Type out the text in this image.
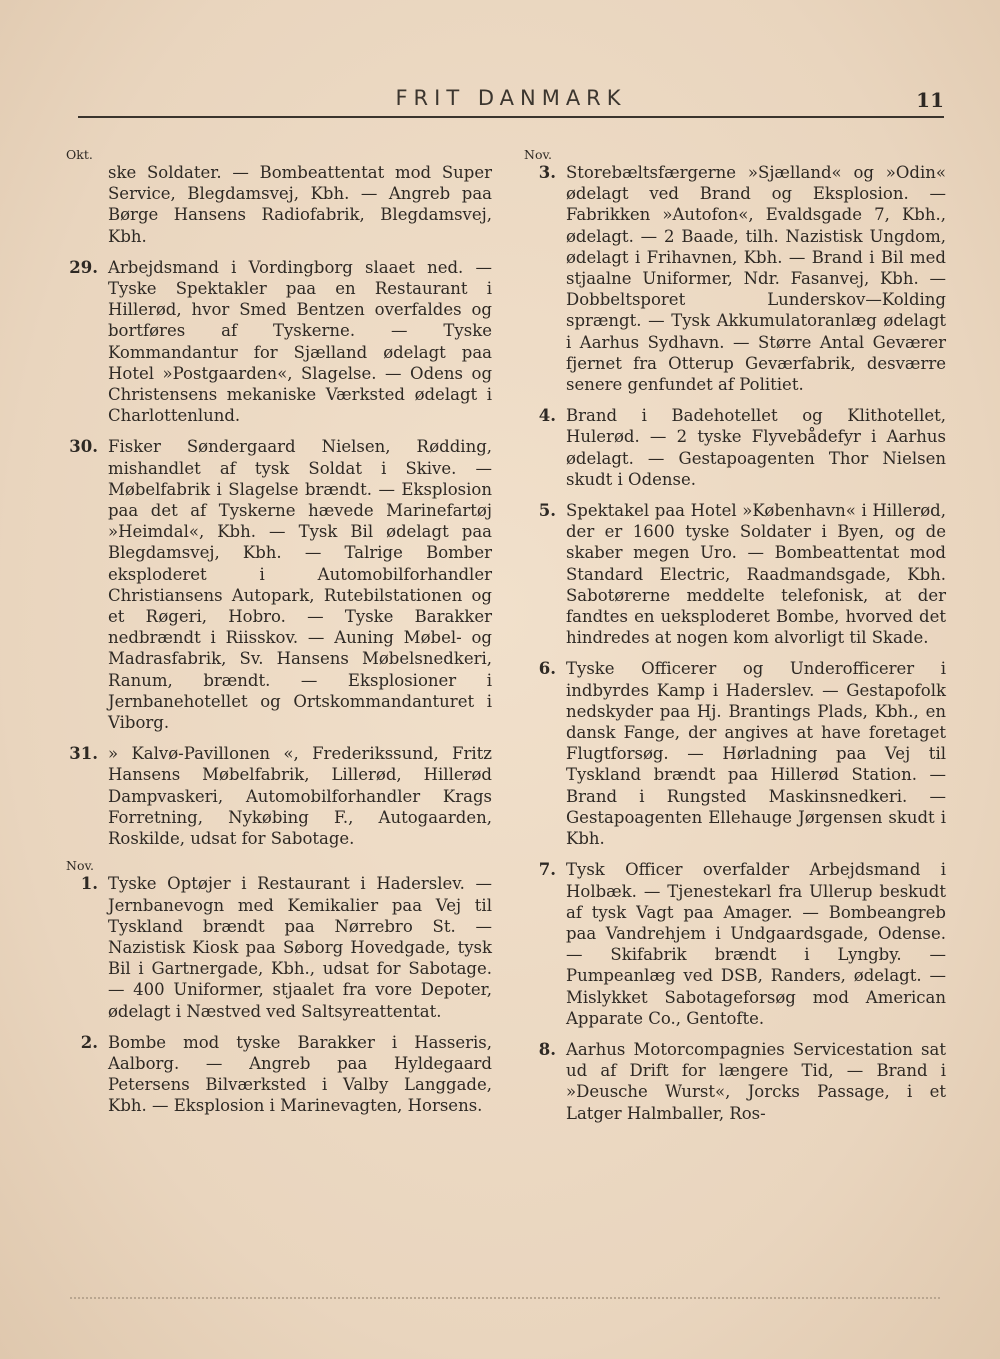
FRIT DANMARK	11
Okt.
ske Soldater. — Bombeattentat mod Super Service, Blegdamsvej, Kbh. — Angreb paa Børge Hansens Radiofabrik, Blegdamsvej, Kbh.
29. Arbejdsmand i Vordingborg slaaet ned. — Tyske Spektakler paa en Restaurant i Hillerød, hvor Smed Bentzen overfaldes og bortføres af Tyskerne. — Tyske Kommandantur for Sjælland ødelagt paa Hotel »Postgaarden«, Slagelse. — Odens og Christensens mekaniske Værksted ødelagt i Charlottenlund.
30. Fisker Søndergaard Nielsen, Rødding, mishandlet af tysk Soldat i Skive. — Møbelfabrik i Slagelse brændt. — Eksplosion paa det af Tyskerne hævede Marinefartøj »Heimdal«, Kbh. — Tysk Bil ødelagt paa Blegdamsvej, Kbh. — Talrige Bomber eksploderet i Automobilforhandler Christiansens Autopark, Rutebilstationen og et Røgeri, Hobro. — Tyske Barakker nedbrændt i Riisskov. — Auning Møbel- og Madrasfabrik, Sv. Hansens Møbelsnedkeri, Ranum, brændt. — Eksplosioner i Jernbanehotellet og Ortskommandanturet i Viborg.
31. » Kalvø-Pavillonen «, Frederikssund, Fritz Hansens Møbelfabrik, Lillerød, Hillerød Dampvaskeri, Automobilforhandler Krags Forretning, Nykøbing F., Autogaarden, Roskilde, udsat for Sabotage.
Nov.
1. Tyske Optøjer i Restaurant i Haderslev. — Jernbanevogn med Kemikalier paa Vej til Tyskland brændt paa Nørrebro St. — Nazistisk Kiosk paa Søborg Hovedgade, tysk Bil i Gartnergade, Kbh., udsat for Sabotage. — 400 Uniformer, stjaalet fra vore Depoter, ødelagt i Næstved ved Saltsyreattentat.
2. Bombe mod tyske Barakker i Hasseris, Aalborg. — Angreb paa Hyldegaard Petersens Bilværksted i Valby Langgade, Kbh. — Eksplosion i Marinevagten, Horsens.
Nov.
3. Storebæltsfærgerne »Sjælland« og »Odin« ødelagt ved Brand og Eksplosion. — Fabrikken »Autofon«, Evaldsgade 7, Kbh., ødelagt. — 2 Baade, tilh. Nazistisk Ungdom, ødelagt i Frihavnen, Kbh. — Brand i Bil med stjaalne Uniformer, Ndr. Fasanvej, Kbh. — Dobbeltsporet Lunderskov—Kolding sprængt. — Tysk Akkumulatoranlæg ødelagt i Aarhus Sydhavn. — Større Antal Geværer fjernet fra Otterup Geværfabrik, desværre senere genfundet af Politiet.
4. Brand i Badehotellet og Klithotellet, Hulerød. — 2 tyske Flyvebådefyr i Aarhus ødelagt. — Gestapoagenten Thor Nielsen skudt i Odense.
5. Spektakel paa Hotel »København« i Hillerød, der er 1600 tyske Soldater i Byen, og de skaber megen Uro. — Bombeattentat mod Standard Electric, Raadmandsgade, Kbh. Sabotørerne meddelte telefonisk, at der fandtes en ueksploderet Bombe, hvorved det hindredes at nogen kom alvorligt til Skade.
6. Tyske Officerer og Underofficerer i indbyrdes Kamp i Haderslev. — Gestapofolk nedskyder paa Hj. Brantings Plads, Kbh., en dansk Fange, der angives at have foretaget Flugtforsøg. — Hørladning paa Vej til Tyskland brændt paa Hillerød Station. — Brand i Rungsted Maskinsnedkeri. — Gestapoagenten Ellehauge Jørgensen skudt i Kbh.
7. Tysk Officer overfalder Arbejdsmand i Holbæk. — Tjenestekarl fra Ullerup beskudt af tysk Vagt paa Amager. — Bombeangreb paa Vandrehjem i Undgaardsgade, Odense. — Skifabrik brændt i Lyngby. — Pumpeanlæg ved DSB, Randers, ødelagt. — Mislykket Sabotageforsøg mod American Apparate Co., Gentofte.
8. Aarhus Motorcompagnies Servicestation sat ud af Drift for længere Tid, — Brand i »Deusche Wurst«, Jorcks Passage, i et Latger Halmballer, Ros-
